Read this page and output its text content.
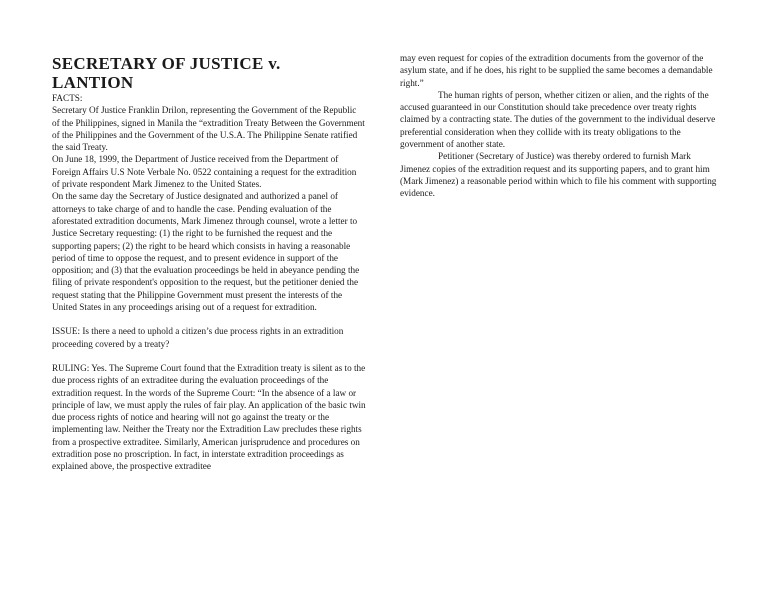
SECRETARY OF JUSTICE v. LANTION

FACTS:

Secretary Of Justice Franklin Drilon, representing the Government of the Republic of the Philippines, signed in Manila the “extradition Treaty Between the Government of the Philippines and the Government of the U.S.A. The Philippine Senate ratified the said Treaty.

On June 18, 1999, the Department of Justice received from the Department of Foreign Affairs U.S Note Verbale No. 0522 containing a request for the extradition of private respondent Mark Jimenez to the United States.

On the same day the Secretary of Justice designated and authorized a panel of attorneys to take charge of and to handle the case. Pending evaluation of the aforestated extradition documents, Mark Jimenez through counsel, wrote a letter to Justice Secretary requesting: (1) the right to be furnished the request and the supporting papers; (2) the right to be heard which consists in having a reasonable period of time to oppose the request, and to present evidence in support of the opposition; and (3) that the evaluation proceedings be held in abeyance pending the filing of private respondent's opposition to the request, but the petitioner denied the request stating that the Philippine Government must present the interests of the United States in any proceedings arising out of a request for extradition.

ISSUE: Is there a need to uphold a citizen’s due process rights in an extradition proceeding covered by a treaty?

RULING: Yes. The Supreme Court found that the Extradition treaty is silent as to the due process rights of an extraditee during the evaluation proceedings of the extradition request. In the words of the Supreme Court: “In the absence of a law or principle of law, we must apply the rules of fair play. An application of the basic twin due process rights of notice and hearing will not go against the treaty or the implementing law. Neither the Treaty nor the Extradition Law precludes these rights from a prospective extraditee. Similarly, American jurisprudence and procedures on extradition pose no proscription. In fact, in interstate extradition proceedings as explained above, the prospective extraditee

may even request for copies of the extradition documents from the governor of the asylum state, and if he does, his right to be supplied the same becomes a demandable right.”

The human rights of person, whether citizen or alien, and the rights of the accused guaranteed in our Constitution should take precedence over treaty rights claimed by a contracting state. The duties of the government to the individual deserve preferential consideration when they collide with its treaty obligations to the government of another state.

Petitioner (Secretary of Justice) was thereby ordered to furnish Mark Jimenez copies of the extradition request and its supporting papers, and to grant him (Mark Jimenez) a reasonable period within which to file his comment with supporting evidence.
